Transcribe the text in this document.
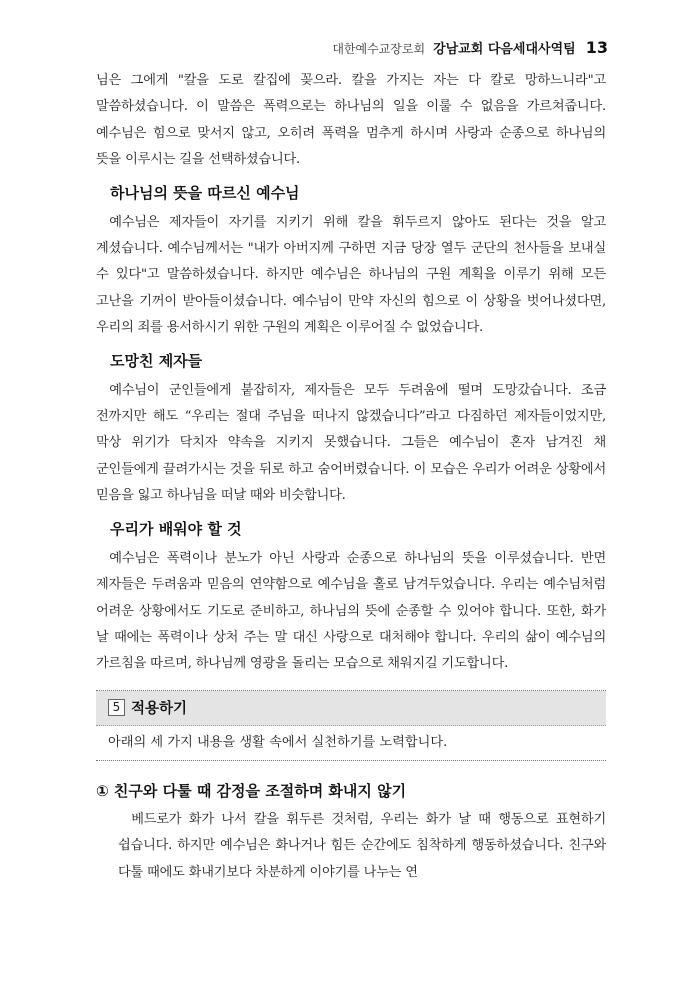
대한예수교장로회 강남교회 다음세대사역팀 13

님은 그에게 "칼을 도로 칼집에 꽂으라. 칼을 가지는 자는 다 칼로 망하느니라"고 말씀하셨습니다. 이 말씀은 폭력으로는 하나님의 일을 이룰 수 없음을 가르쳐줍니다. 예수님은 힘으로 맞서지 않고, 오히려 폭력을 멈추게 하시며 사랑과 순종으로 하나님의 뜻을 이루시는 길을 선택하셨습니다.

하나님의 뜻을 따르신 예수님

예수님은 제자들이 자기를 지키기 위해 칼을 휘두르지 않아도 된다는 것을 알고 계셨습니다. 예수님께서는 "내가 아버지께 구하면 지금 당장 열두 군단의 천사들을 보내실 수 있다"고 말씀하셨습니다. 하지만 예수님은 하나님의 구원 계획을 이루기 위해 모든 고난을 기꺼이 받아들이셨습니다. 예수님이 만약 자신의 힘으로 이 상황을 벗어나셨다면, 우리의 죄를 용서하시기 위한 구원의 계획은 이루어질 수 없었습니다.

도망친 제자들

예수님이 군인들에게 붙잡히자, 제자들은 모두 두려움에 떨며 도망갔습니다. 조금 전까지만 해도 “우리는 절대 주님을 떠나지 않겠습니다”라고 다짐하던 제자들이었지만, 막상 위기가 닥치자 약속을 지키지 못했습니다. 그들은 예수님이 혼자 남겨진 채 군인들에게 끌려가시는 것을 뒤로 하고 숨어버렸습니다. 이 모습은 우리가 어려운 상황에서 믿음을 잃고 하나님을 떠날 때와 비슷합니다.

우리가 배워야 할 것

예수님은 폭력이나 분노가 아닌 사랑과 순종으로 하나님의 뜻을 이루셨습니다. 반면 제자들은 두려움과 믿음의 연약함으로 예수님을 홀로 남겨두었습니다. 우리는 예수님처럼 어려운 상황에서도 기도로 준비하고, 하나님의 뜻에 순종할 수 있어야 합니다. 또한, 화가 날 때에는 폭력이나 상처 주는 말 대신 사랑으로 대처해야 합니다. 우리의 삶이 예수님의 가르침을 따르며, 하나님께 영광을 돌리는 모습으로 채워지길 기도합니다.

5 적용하기
아래의 세 가지 내용을 생활 속에서 실천하기를 노력합니다.
① 친구와 다툴 때 감정을 조절하며 화내지 않기

베드로가 화가 나서 칼을 휘두른 것처럼, 우리는 화가 날 때 행동으로 표현하기 쉽습니다. 하지만 예수님은 화나거나 힘든 순간에도 침착하게 행동하셨습니다. 친구와 다툴 때에도 화내기보다 차분하게 이야기를 나누는 연
